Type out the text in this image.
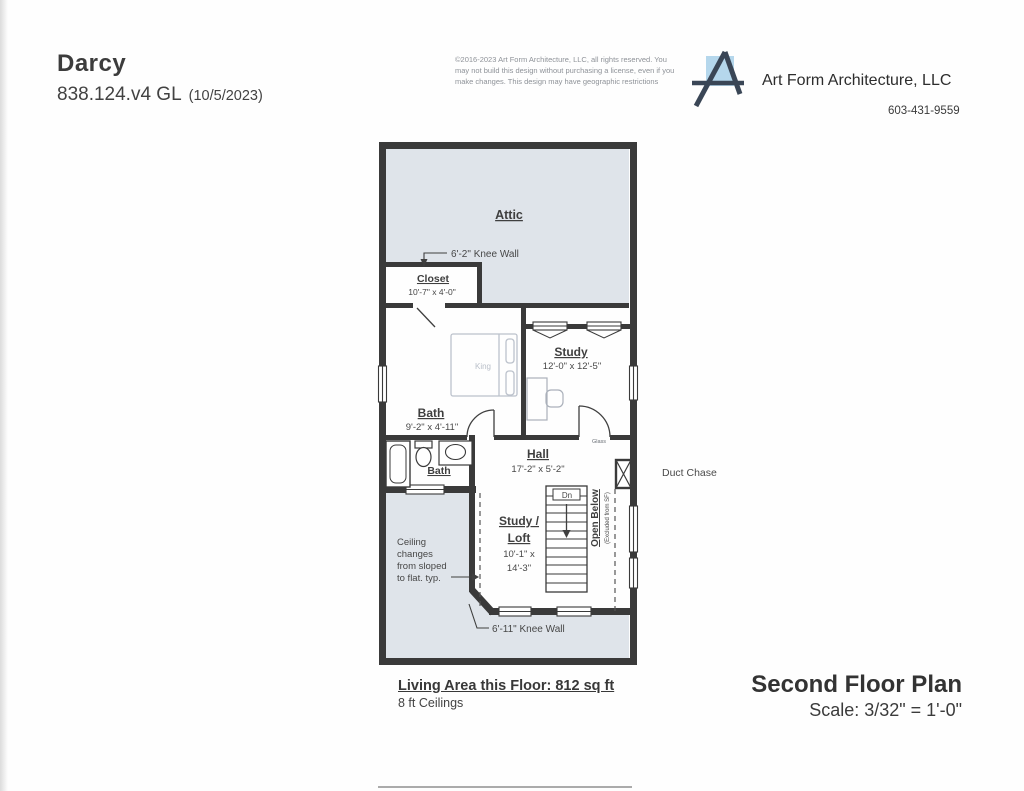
Darcy
838.124.v4 GL (10/5/2023)
©2016-2023 Art Form Architecture, LLC, all rights reserved. You
may not build this design without purchasing a license, even if you
make changes. This design may have geographic restrictions	Art Form Architecture, LLC
603-431-9559
Attic
6'-2" Knee Wall
Closet
10'-7" x 4'-0"
Study
12'-0" x 12'-5"
King
Bath
9'-2" x 4'-11"
Bath
Hall
17'-2" x 5'-2"
Glass
Dn
Study /
Loft
10'-1" x
14'-3"
Open Below (Excluded from SF)
Ceiling
changes
from sloped
to flat. typ.
6'-11" Knee Wall
Duct Chase
Living Area this Floor: 812 sq ft
8 ft Ceilings
Second Floor Plan
Scale: 3/32" = 1'-0"
